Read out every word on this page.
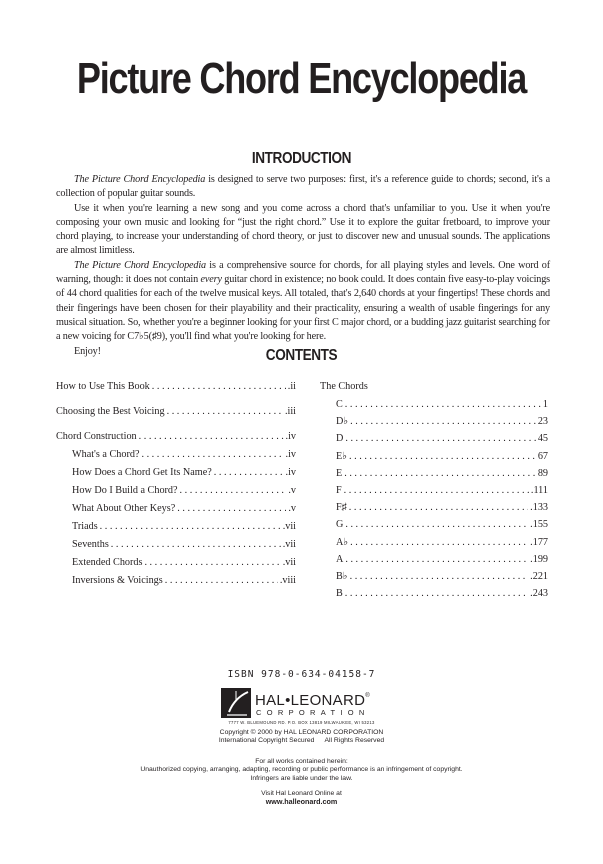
Picture Chord Encyclopedia
INTRODUCTION

The Picture Chord Encyclopedia is designed to serve two purposes: first, it's a reference guide to chords; second, it's a collection of popular guitar sounds.

Use it when you're learning a new song and you come across a chord that's unfamiliar to you. Use it when you're composing your own music and looking for “just the right chord.” Use it to explore the guitar fretboard, to improve your chord playing, to increase your understanding of chord theory, or just to discover new and unusual sounds. The applications are almost limitless.

The Picture Chord Encyclopedia is a comprehensive source for chords, for all playing styles and levels. One word of warning, though: it does not contain every guitar chord in existence; no book could. It does contain five easy-to-play voicings of 44 chord qualities for each of the twelve musical keys. All totaled, that's 2,640 chords at your fingertips! These chords and their fingerings have been chosen for their playability and their practicality, ensuring a wealth of usable fingerings for any musical situation. So, whether you're a beginner looking for your first C major chord, or a budding jazz guitarist searching for a new voicing for C7♭5(♯9), you'll find what you're looking for here.

Enjoy!	CONTENTS
How to Use This Book . . .	.ii
Choosing the Best Voicing . . .	.iii
Chord Construction . . .	.iv
What's a Chord? . . .	.iv
How Does a Chord Get Its Name? . . .	.iv
How Do I Build a Chord? . . .	.v
What About Other Keys? . . .	.v
Triads . . .	.vii
Sevenths . . .	.vii
Extended Chords . . .	.vii
Inversions & Voicings . . .	.viii
The Chords
C . . .	1
D♭ . . .	23
D . . .	45
E♭ . . .	67
E . . .	89
F . . .	.111
F♯ . . .	.133
G . . .	.155
A♭ . . .	.177
A . . .	.199
B♭ . . .	.221
B . . .	.243
ISBN 978-0-634-04158-7
HAL•LEONARD®
CORPORATION
7777 W. BLUEMOUND RD. P.O. BOX 13819 MILWAUKEE, WI 53213
Copyright © 2000 by HAL LEONARD CORPORATION
International Copyright Secured All Rights Reserved
For all works contained herein:
Unauthorized copying, arranging, adapting, recording or public performance is an infringement of copyright.
Infringers are liable under the law.
Visit Hal Leonard Online at
www.halleonard.com
